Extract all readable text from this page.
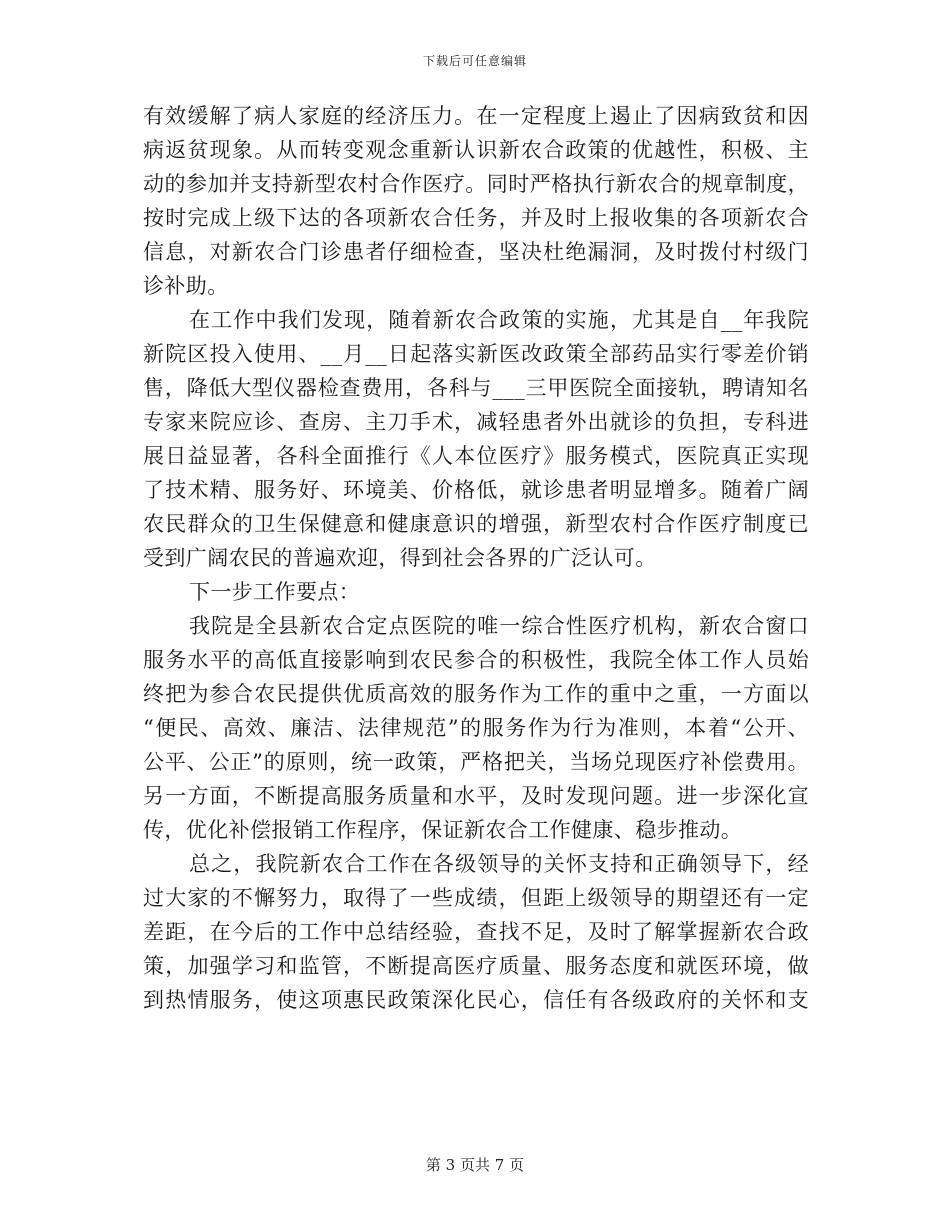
下载后可任意编辑
有效缓解了病人家庭的经济压力。在一定程度上遏止了因病致贫和因
病返贫现象。从而转变观念重新认识新农合政策的优越性，积极、主
动的参加并支持新型农村合作医疗。同时严格执行新农合的规章制度，
按时完成上级下达的各项新农合任务，并及时上报收集的各项新农合
信息，对新农合门诊患者仔细检查，坚决杜绝漏洞，及时拨付村级门
诊补助。
在工作中我们发现，随着新农合政策的实施，尤其是自__年我院
新院区投入使用、__月__日起落实新医改政策全部药品实行零差价销
售，降低大型仪器检查费用，各科与___三甲医院全面接轨，聘请知名
专家来院应诊、查房、主刀手术，减轻患者外出就诊的负担，专科进
展日益显著，各科全面推行《人本位医疗》服务模式，医院真正实现
了技术精、服务好、环境美、价格低，就诊患者明显增多。随着广阔
农民群众的卫生保健意和健康意识的增强，新型农村合作医疗制度已
受到广阔农民的普遍欢迎，得到社会各界的广泛认可。
下一步工作要点：
我院是全县新农合定点医院的唯一综合性医疗机构，新农合窗口
服务水平的高低直接影响到农民参合的积极性，我院全体工作人员始
终把为参合农民提供优质高效的服务作为工作的重中之重，一方面以
“便民、高效、廉洁、法律规范”的服务作为行为准则，本着“公开、
公平、公正”的原则，统一政策，严格把关，当场兑现医疗补偿费用。
另一方面，不断提高服务质量和水平，及时发现问题。进一步深化宣
传，优化补偿报销工作程序，保证新农合工作健康、稳步推动。
总之，我院新农合工作在各级领导的关怀支持和正确领导下，经
过大家的不懈努力，取得了一些成绩，但距上级领导的期望还有一定
差距，在今后的工作中总结经验，查找不足，及时了解掌握新农合政
策，加强学习和监管，不断提高医疗质量、服务态度和就医环境，做
到热情服务，使这项惠民政策深化民心，信任有各级政府的关怀和支
第 3 页共 7 页
